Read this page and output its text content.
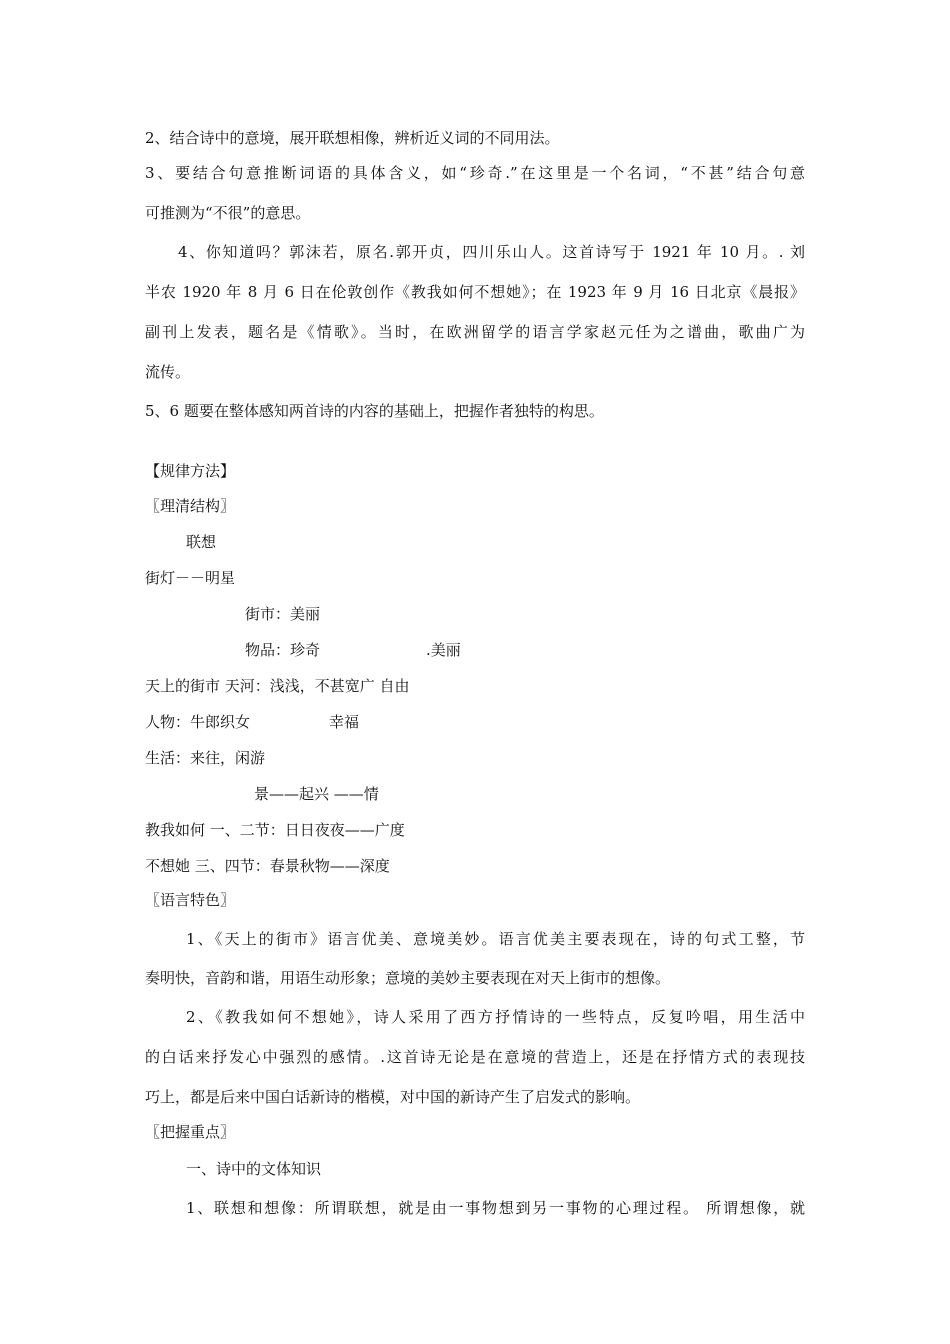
2、结合诗中的意境，展开联想相像，辨析近义词的不同用法。
3、要结合句意推断词语的具体含义，如“珍奇.”在这里是一个名词，“不甚”结合句意
可推测为“不很”的意思。
4、你知道吗？郭沫若，原名.郭开贞，四川乐山人。这首诗写于 1921 年 10 月。. 刘
半农 1920 年 8 月 6 日在伦敦创作《教我如何不想她》；在 1923 年 9 月 16 日北京《晨报》
副刊上发表，题名是《情歌》。当时，在欧洲留学的语言学家赵元任为之谱曲，歌曲广为
流传。
5、6 题要在整体感知两首诗的内容的基础上，把握作者独特的构思。
【规律方法】
〖理清结构〗
联想
街灯－－明星
街市：美丽
物品：珍奇	.美丽
天上的街市 天河：浅浅，不甚宽广 自由
人物：牛郎织女	幸福
生活：来往，闲游
景——起兴 ——情
教我如何 一、二节：日日夜夜——广度
不想她 三、四节：春景秋物——深度
〖语言特色〗
1、《天上的街市》语言优美、意境美妙。语言优美主要表现在，诗的句式工整，节
奏明快，音韵和谐，用语生动形象；意境的美妙主要表现在对天上街市的想像。
2、《教我如何不想她》，诗人采用了西方抒情诗的一些特点，反复吟唱，用生活中
的白话来抒发心中强烈的感情。.这首诗无论是在意境的营造上，还是在抒情方式的表现技
巧上，都是后来中国白话新诗的楷模，对中国的新诗产生了启发式的影响。
〖把握重点〗
一、诗中的文体知识
1、联想和想像：所谓联想，就是由一事物想到另一事物的心理过程。 所谓想像，就
